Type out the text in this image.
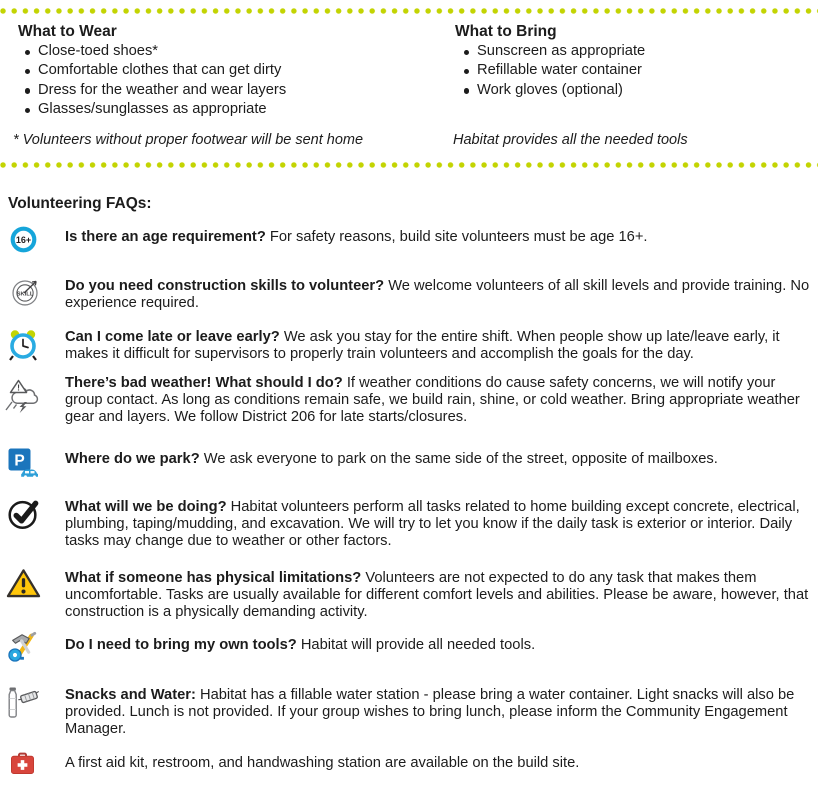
What to Wear
Close-toed shoes*
Comfortable clothes that can get dirty
Dress for the weather and wear layers
Glasses/sunglasses as appropriate
* Volunteers without proper footwear will be sent home
What to Bring
Sunscreen as appropriate
Refillable water container
Work gloves (optional)
Habitat provides all the needed tools
Volunteering FAQs:
16+ Is there an age requirement? For safety reasons, build site volunteers must be age 16+.
SKILL
Do you need construction skills to volunteer? We welcome volunteers of all skill levels and provide training. No experience required.
Can I come late or leave early? We ask you stay for the entire shift. When people show up late/leave early, it makes it difficult for supervisors to properly train volunteers and accomplish the goals for the day.
!	There’s bad weather! What should I do? If weather conditions do cause safety concerns, we will notify your group contact. As long as conditions remain safe, we build rain, shine, or cold weather. Bring appropriate weather gear and layers. We follow District 206 for late starts/closures.
P	Where do we park? We ask everyone to park on the same side of the street, opposite of mailboxes.
What will we be doing? Habitat volunteers perform all tasks related to home building except concrete, electrical, plumbing, taping/mudding, and excavation. We will try to let you know if the daily task is exterior or interior. Daily tasks may change due to weather or other factors.
What if someone has physical limitations? Volunteers are not expected to do any task that makes them uncomfortable. Tasks are usually available for different comfort levels and abilities. Please be aware, however, that construction is a physically demanding activity.
Do I need to bring my own tools? Habitat will provide all needed tools.
Snacks and Water: Habitat has a fillable water station - please bring a water container. Light snacks will also be provided. Lunch is not provided. If your group wishes to bring lunch, please inform the Community Engagement Manager.
A first aid kit, restroom, and handwashing station are available on the build site.
